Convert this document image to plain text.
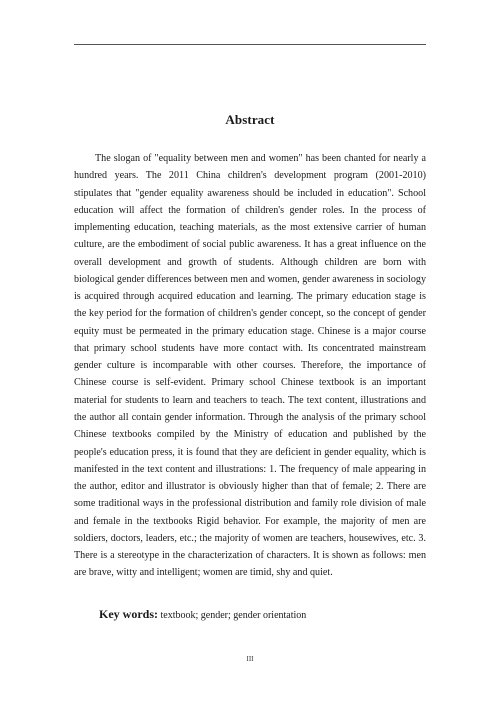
Abstract

The slogan of "equality between men and women" has been chanted for nearly a hundred years. The 2011 China children's development program (2001-2010) stipulates that "gender equality awareness should be included in education". School education will affect the formation of children's gender roles. In the process of implementing education, teaching materials, as the most extensive carrier of human culture, are the embodiment of social public awareness. It has a great influence on the overall development and growth of students. Although children are born with biological gender differences between men and women, gender awareness in sociology is acquired through acquired education and learning. The primary education stage is the key period for the formation of children's gender concept, so the concept of gender equity must be permeated in the primary education stage. Chinese is a major course that primary school students have more contact with. Its concentrated mainstream gender culture is incomparable with other courses. Therefore, the importance of Chinese course is self-evident. Primary school Chinese textbook is an important material for students to learn and teachers to teach. The text content, illustrations and the author all contain gender information. Through the analysis of the primary school Chinese textbooks compiled by the Ministry of education and published by the people's education press, it is found that they are deficient in gender equality, which is manifested in the text content and illustrations: 1. The frequency of male appearing in the author, editor and illustrator is obviously higher than that of female; 2. There are some traditional ways in the professional distribution and family role division of male and female in the textbooks Rigid behavior. For example, the majority of men are soldiers, doctors, leaders, etc.; the majority of women are teachers, housewives, etc. 3. There is a stereotype in the characterization of characters. It is shown as follows: men are brave, witty and intelligent; women are timid, shy and quiet.

Key words: textbook; gender; gender orientation
III
